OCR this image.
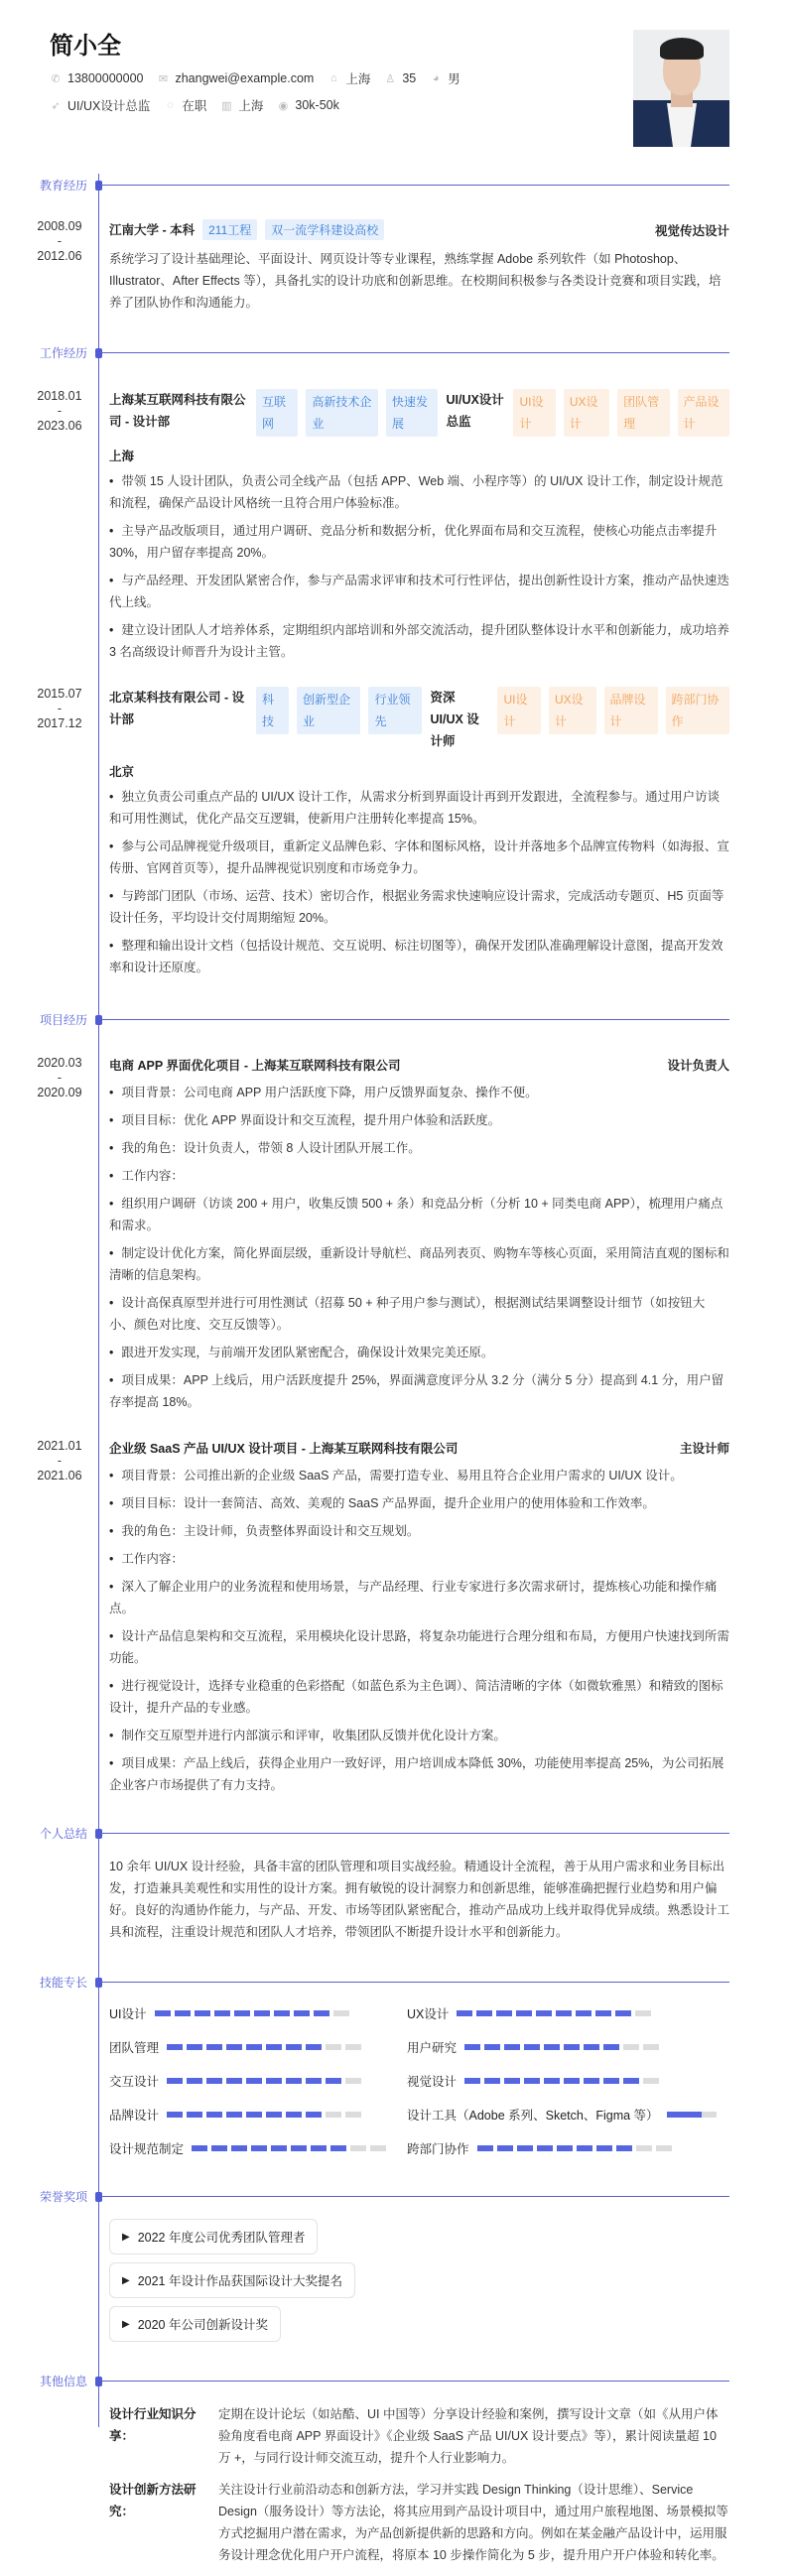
简小全
✆ 13800000000 ✉ zhangwei@example.com ⌂ 上海 ♙ 35 ◕ 男
➶ UI/UX设计总监 ◌ 在职 ▥ 上海 ◉ 30k-50k
教育经历
2008.09
-
2012.06
江南大学 - 本科 211工程 双一流学科建设高校	视觉传达设计
系统学习了设计基础理论、平面设计、网页设计等专业课程，熟练掌握 Adobe 系列软件（如 Photoshop、Illustrator、After Effects 等），具备扎实的设计功底和创新思维。在校期间积极参与各类设计竞赛和项目实践，培养了团队协作和沟通能力。
工作经历
2018.01
-
2023.06
上海某互联网科技有限公司 - 设计部
互联网
高新技术企业
快速发展
UI/UX设计总监
UI设计
UX设计
团队管理
产品设计
上海
• 带领 15 人设计团队，负责公司全线产品（包括 APP、Web 端、小程序等）的 UI/UX 设计工作，制定设计规范和流程，确保产品设计风格统一且符合用户体验标准。
• 主导产品改版项目，通过用户调研、竞品分析和数据分析，优化界面布局和交互流程，使核心功能点击率提升 30%，用户留存率提高 20%。
• 与产品经理、开发团队紧密合作，参与产品需求评审和技术可行性评估，提出创新性设计方案，推动产品快速迭代上线。
• 建立设计团队人才培养体系，定期组织内部培训和外部交流活动，提升团队整体设计水平和创新能力，成功培养 3 名高级设计师晋升为设计主管。
2015.07
-
2017.12
北京某科技有限公司 - 设计部
科技
创新型企业
行业领先
资深 UI/UX 设计师
UI设计
UX设计
品牌设计
跨部门协作
北京
• 独立负责公司重点产品的 UI/UX 设计工作，从需求分析到界面设计再到开发跟进，全流程参与。通过用户访谈和可用性测试，优化产品交互逻辑，使新用户注册转化率提高 15%。
• 参与公司品牌视觉升级项目，重新定义品牌色彩、字体和图标风格，设计并落地多个品牌宣传物料（如海报、宣传册、官网首页等），提升品牌视觉识别度和市场竞争力。
• 与跨部门团队（市场、运营、技术）密切合作，根据业务需求快速响应设计需求，完成活动专题页、H5 页面等设计任务，平均设计交付周期缩短 20%。
• 整理和输出设计文档（包括设计规范、交互说明、标注切图等），确保开发团队准确理解设计意图，提高开发效率和设计还原度。
项目经历
2020.03
-
2020.09
电商 APP 界面优化项目 - 上海某互联网科技有限公司	设计负责人
• 项目背景：公司电商 APP 用户活跃度下降，用户反馈界面复杂、操作不便。
• 项目目标：优化 APP 界面设计和交互流程，提升用户体验和活跃度。
• 我的角色：设计负责人，带领 8 人设计团队开展工作。
• 工作内容：
• 组织用户调研（访谈 200 + 用户，收集反馈 500 + 条）和竞品分析（分析 10 + 同类电商 APP），梳理用户痛点和需求。
• 制定设计优化方案，简化界面层级，重新设计导航栏、商品列表页、购物车等核心页面，采用简洁直观的图标和清晰的信息架构。
• 设计高保真原型并进行可用性测试（招募 50 + 种子用户参与测试），根据测试结果调整设计细节（如按钮大小、颜色对比度、交互反馈等）。
• 跟进开发实现，与前端开发团队紧密配合，确保设计效果完美还原。
• 项目成果：APP 上线后，用户活跃度提升 25%，界面满意度评分从 3.2 分（满分 5 分）提高到 4.1 分，用户留存率提高 18%。
2021.01
-
2021.06
企业级 SaaS 产品 UI/UX 设计项目 - 上海某互联网科技有限公司	主设计师
• 项目背景：公司推出新的企业级 SaaS 产品，需要打造专业、易用且符合企业用户需求的 UI/UX 设计。
• 项目目标：设计一套简洁、高效、美观的 SaaS 产品界面，提升企业用户的使用体验和工作效率。
• 我的角色：主设计师，负责整体界面设计和交互规划。
• 工作内容：
• 深入了解企业用户的业务流程和使用场景，与产品经理、行业专家进行多次需求研讨，提炼核心功能和操作痛点。
• 设计产品信息架构和交互流程，采用模块化设计思路，将复杂功能进行合理分组和布局，方便用户快速找到所需功能。
• 进行视觉设计，选择专业稳重的色彩搭配（如蓝色系为主色调）、简洁清晰的字体（如微软雅黑）和精致的图标设计，提升产品的专业感。
• 制作交互原型并进行内部演示和评审，收集团队反馈并优化设计方案。
• 项目成果：产品上线后，获得企业用户一致好评，用户培训成本降低 30%，功能使用率提高 25%，为公司拓展企业客户市场提供了有力支持。
个人总结
10 余年 UI/UX 设计经验，具备丰富的团队管理和项目实战经验。精通设计全流程，善于从用户需求和业务目标出发，打造兼具美观性和实用性的设计方案。拥有敏锐的设计洞察力和创新思维，能够准确把握行业趋势和用户偏好。良好的沟通协作能力，与产品、开发、市场等团队紧密配合，推动产品成功上线并取得优异成绩。熟悉设计工具和流程，注重设计规范和团队人才培养，带领团队不断提升设计水平和创新能力。
技能专长
UI设计	UX设计
团队管理	用户研究
交互设计	视觉设计
品牌设计	设计工具（Adobe 系列、Sketch、Figma 等）
设计规范制定	跨部门协作
荣誉奖项
▶ 2022 年度公司优秀团队管理者
▶ 2021 年设计作品获国际设计大奖提名
▶ 2020 年公司创新设计奖
其他信息
设计行业知识分享：
定期在设计论坛（如站酷、UI 中国等）分享设计经验和案例，撰写设计文章（如《从用户体验角度看电商 APP 界面设计》《企业级 SaaS 产品 UI/UX 设计要点》等），累计阅读量超 10 万 +，与同行设计师交流互动，提升个人行业影响力。
设计创新方法研究：
关注设计行业前沿动态和创新方法，学习并实践 Design Thinking（设计思维）、Service Design（服务设计）等方法论，将其应用到产品设计项目中，通过用户旅程地图、场景模拟等方式挖掘用户潜在需求，为产品创新提供新的思路和方向。例如在某金融产品设计中，运用服务设计理念优化用户开户流程，将原本 10 步操作简化为 5 步，提升用户开户体验和转化率。
